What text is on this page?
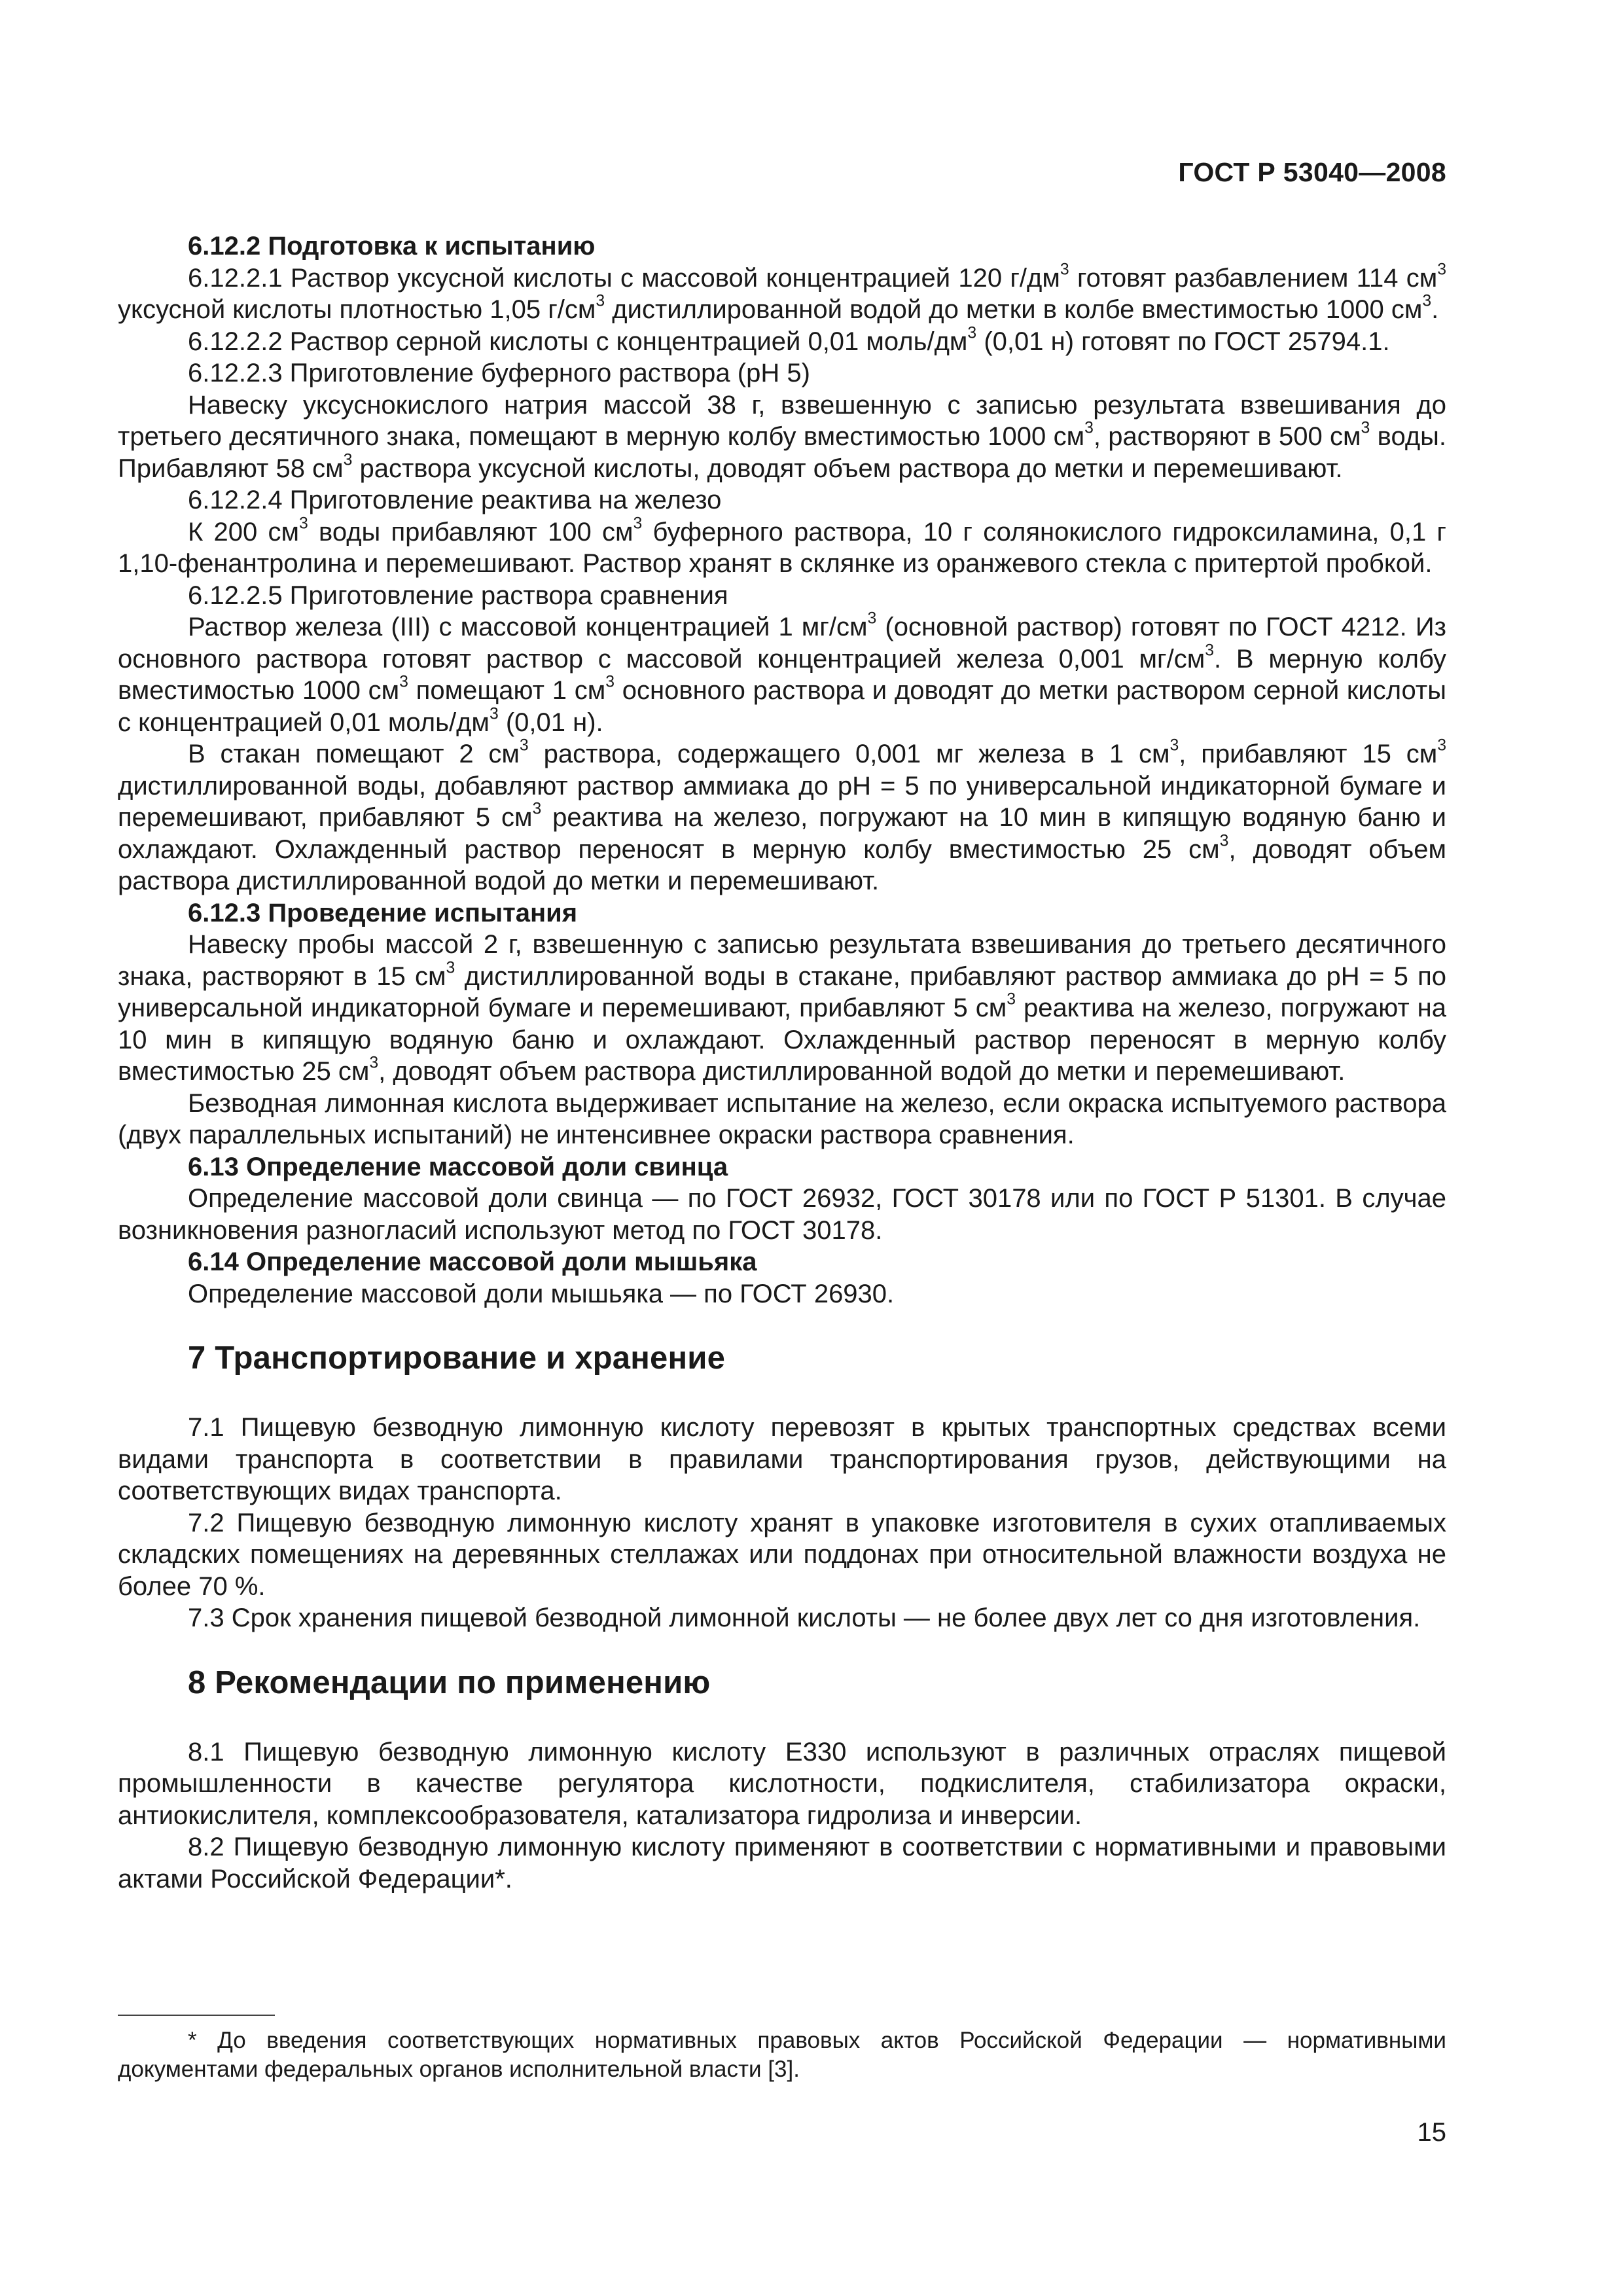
ГОСТ Р 53040—2008

6.12.2 Подготовка к испытанию

6.12.2.1 Раствор уксусной кислоты с массовой концентрацией 120 $г/дм^3$ готовят разбавлением 114 $см^3$ уксусной кислоты плотностью 1,05 $г/см^3$ дистиллированной водой до метки в колбе вместимостью 1000 $см^3$.

6.12.2.2 Раствор серной кислоты с концентрацией 0,01 моль/$дм^3$ (0,01 н) готовят по ГОСТ 25794.1.

6.12.2.3 Приготовление буферного раствора (pH 5)

Навеску уксуснокислого натрия массой 38 г, взвешенную с записью результата взвешивания до третьего десятичного знака, помещают в мерную колбу вместимостью 1000 $см^3$, растворяют в 500 $см^3$ воды. Прибавляют 58 $см^3$ раствора уксусной кислоты, доводят объем раствора до метки и перемешивают.

6.12.2.4 Приготовление реактива на железо

К 200 $см^3$ воды прибавляют 100 $см^3$ буферного раствора, 10 г солянокислого гидроксиламина, 0,1 г 1,10-фенантролина и перемешивают. Раствор хранят в склянке из оранжевого стекла с притертой пробкой.

6.12.2.5 Приготовление раствора сравнения

Раствор железа (III) с массовой концентрацией 1 $мг/см^3$ (основной раствор) готовят по ГОСТ 4212. Из основного раствора готовят раствор с массовой концентрацией железа 0,001 $мг/см^3$. В мерную колбу вместимостью 1000 $см^3$ помещают 1 $см^3$ основного раствора и доводят до метки раствором серной кислоты с концентрацией 0,01 моль/$дм^3$ (0,01 н).

В стакан помещают 2 $см^3$ раствора, содержащего 0,001 мг железа в 1 $см^3$, прибавляют 15 $см^3$ дистиллированной воды, добавляют раствор аммиака до pH = 5 по универсальной индикаторной бумаге и перемешивают, прибавляют 5 $см^3$ реактива на железо, погружают на 10 мин в кипящую водяную баню и охлаждают. Охлажденный раствор переносят в мерную колбу вместимостью 25 $см^3$, доводят объем раствора дистиллированной водой до метки и перемешивают.

6.12.3 Проведение испытания

Навеску пробы массой 2 г, взвешенную с записью результата взвешивания до третьего десятичного знака, растворяют в 15 $см^3$ дистиллированной воды в стакане, прибавляют раствор аммиака до pH = 5 по универсальной индикаторной бумаге и перемешивают, прибавляют 5 $см^3$ реактива на железо, погружают на 10 мин в кипящую водяную баню и охлаждают. Охлажденный раствор переносят в мерную колбу вместимостью 25 $см^3$, доводят объем раствора дистиллированной водой до метки и перемешивают.

Безводная лимонная кислота выдерживает испытание на железо, если окраска испытуемого раствора (двух параллельных испытаний) не интенсивнее окраски раствора сравнения.

6.13 Определение массовой доли свинца

Определение массовой доли свинца — по ГОСТ 26932, ГОСТ 30178 или по ГОСТ Р 51301. В случае возникновения разногласий используют метод по ГОСТ 30178.

6.14 Определение массовой доли мышьяка

Определение массовой доли мышьяка — по ГОСТ 26930.

7 Транспортирование и хранение

7.1 Пищевую безводную лимонную кислоту перевозят в крытых транспортных средствах всеми видами транспорта в соответствии в правилами транспортирования грузов, действующими на соответствующих видах транспорта.

7.2 Пищевую безводную лимонную кислоту хранят в упаковке изготовителя в сухих отапливаемых складских помещениях на деревянных стеллажах или поддонах при относительной влажности воздуха не более 70 %.

7.3 Срок хранения пищевой безводной лимонной кислоты — не более двух лет со дня изготовления.

8 Рекомендации по применению

8.1 Пищевую безводную лимонную кислоту Е330 используют в различных отраслях пищевой промышленности в качестве регулятора кислотности, подкислителя, стабилизатора окраски, антиокислителя, комплексообразователя, катализатора гидролиза и инверсии.

8.2 Пищевую безводную лимонную кислоту применяют в соответствии с нормативными и правовыми актами Российской Федерации*.

* До введения соответствующих нормативных правовых актов Российской Федерации — нормативными документами федеральных органов исполнительной власти [3].

15
